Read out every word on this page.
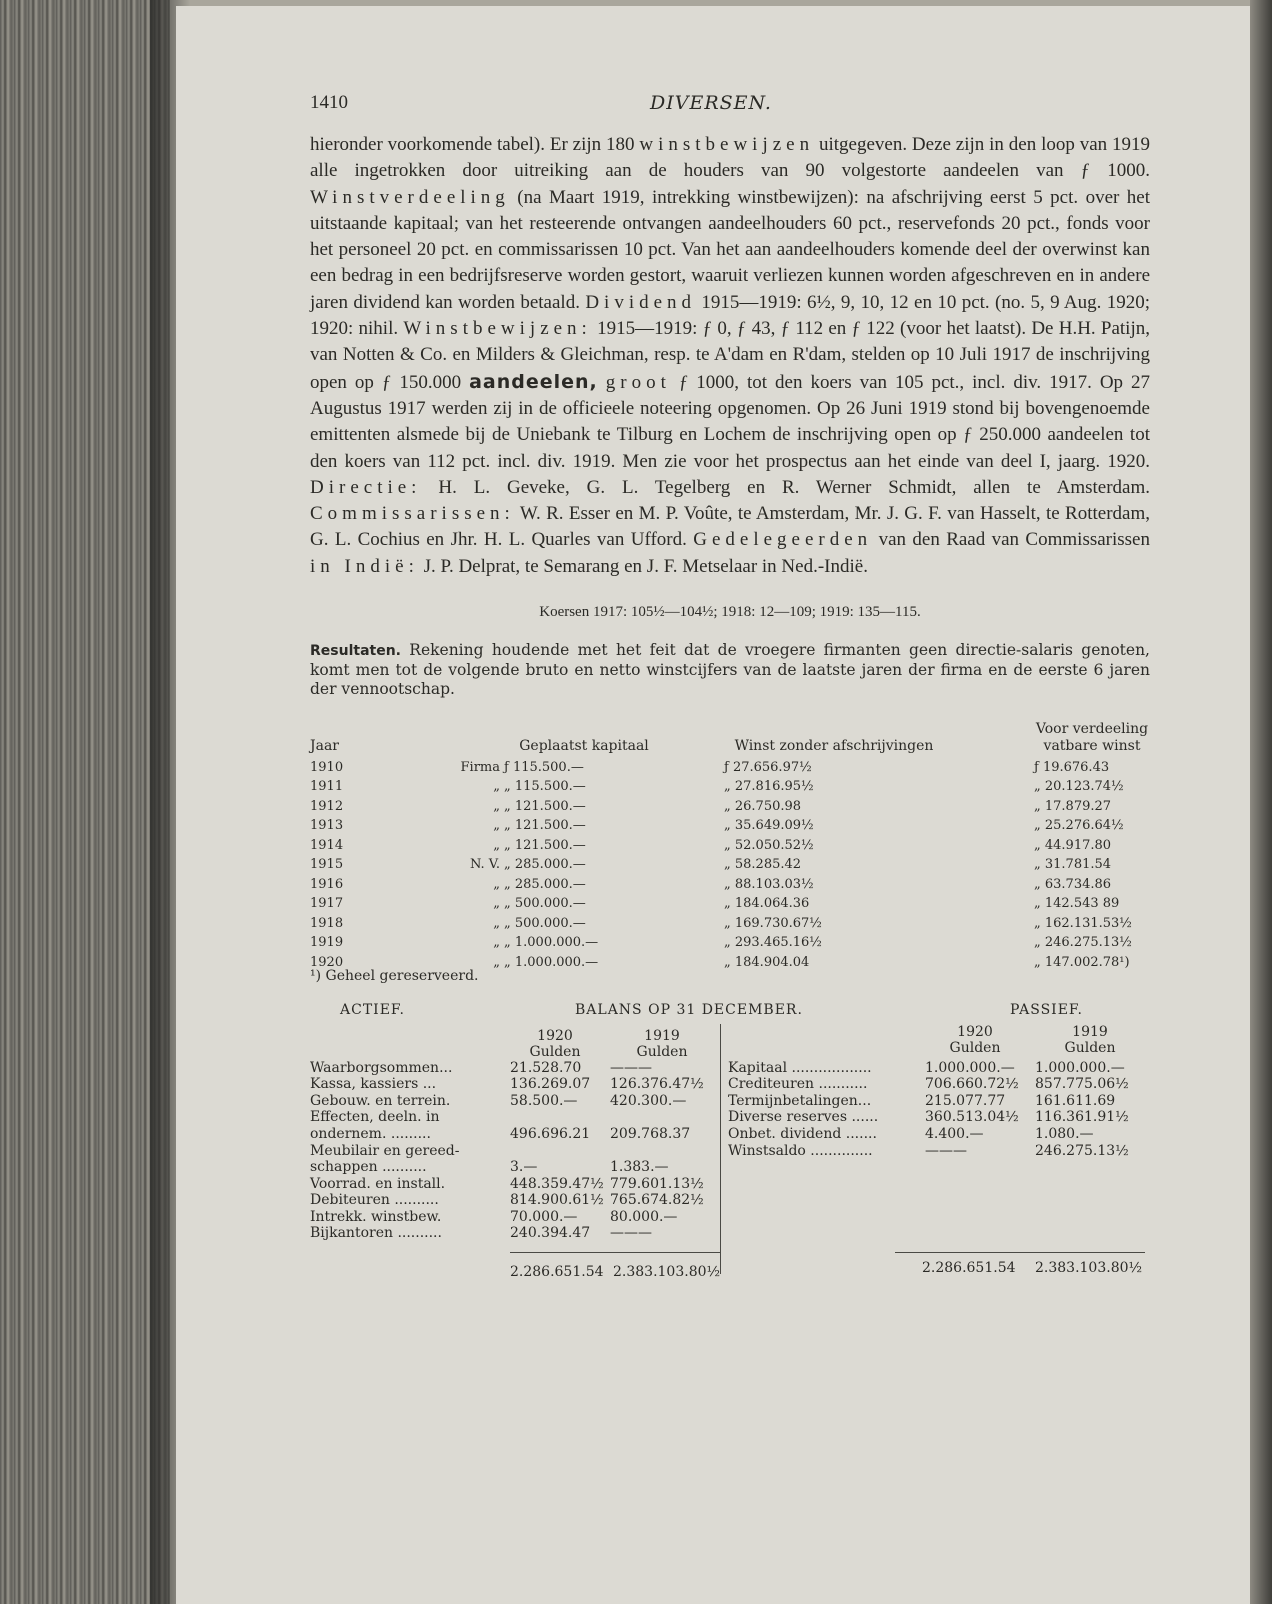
1410	DIVERSEN.

hieronder voorkomende tabel). Er zijn 180 winstbewijzen uitgegeven. Deze zijn in den loop van 1919 alle ingetrokken door uitreiking aan de houders van 90 volgestorte aandeelen van ƒ 1000. Winstverdeeling (na Maart 1919, intrekking winstbewijzen): na afschrijving eerst 5 pct. over het uitstaande kapitaal; van het resteerende ontvangen aandeelhouders 60 pct., reservefonds 20 pct., fonds voor het personeel 20 pct. en commissarissen 10 pct. Van het aan aandeelhouders komende deel der overwinst kan een bedrag in een bedrijfsreserve worden gestort, waaruit verliezen kunnen worden afgeschreven en in andere jaren dividend kan worden betaald. Dividend 1915—1919: 6½, 9, 10, 12 en 10 pct. (no. 5, 9 Aug. 1920; 1920: nihil. Winstbewijzen: 1915—1919: ƒ 0, ƒ 43, ƒ 112 en ƒ 122 (voor het laatst). De H.H. Patijn, van Notten & Co. en Milders & Gleichman, resp. te A'dam en R'dam, stelden op 10 Juli 1917 de inschrijving open op ƒ 150.000 aandeelen, groot ƒ 1000, tot den koers van 105 pct., incl. div. 1917. Op 27 Augustus 1917 werden zij in de officieele noteering opgenomen. Op 26 Juni 1919 stond bij bovengenoemde emittenten alsmede bij de Uniebank te Tilburg en Lochem de inschrijving open op ƒ 250.000 aandeelen tot den koers van 112 pct. incl. div. 1919. Men zie voor het prospectus aan het einde van deel I, jaarg. 1920. Directie: H. L. Geveke, G. L. Tegelberg en R. Werner Schmidt, allen te Amsterdam. Commissarissen: W. R. Esser en M. P. Voûte, te Amsterdam, Mr. J. G. F. van Hasselt, te Rotterdam, G. L. Cochius en Jhr. H. L. Quarles van Ufford. Gedelegeerden van den Raad van Commissarissen in Indië: J. P. Delprat, te Semarang en J. F. Metselaar in Ned.-Indië.

Koersen 1917: 105½—104½; 1918: 12—109; 1919: 135—115.

Resultaten. Rekening houdende met het feit dat de vroegere firmanten geen directie-salaris genoten, komt men tot de volgende bruto en netto winstcijfers van de laatste jaren der firma en de eerste 6 jaren der vennootschap.

Jaar		Geplaatst kapitaal	Winst zonder afschrijvingen	Voor verdeeling vatbare winst
1910	Firma	ƒ 115.500.—	ƒ 27.656.97½	ƒ 19.676.43
1911	„	„ 115.500.—	„ 27.816.95½	„ 20.123.74½
1912	„	„ 121.500.—	„ 26.750.98	„ 17.879.27
1913	„	„ 121.500.—	„ 35.649.09½	„ 25.276.64½
1914	„	„ 121.500.—	„ 52.050.52½	„ 44.917.80
1915	N. V.	„ 285.000.—	„ 58.285.42	„ 31.781.54
1916	„	„ 285.000.—	„ 88.103.03½	„ 63.734.86
1917	„	„ 500.000.—	„ 184.064.36	„ 142.543 89
1918	„	„ 500.000.—	„ 169.730.67½	„ 162.131.53½
1919	„	„ 1.000.000.—	„ 293.465.16½	„ 246.275.13½
1920	„	„ 1.000.000.—	„ 184.904.04	„ 147.002.78¹)
¹) Geheel gereserveerd.
ACTIEF.	BALANS OP 31 DECEMBER.	PASSIEF.
1920
Gulden
1919
Gulden
1920
Gulden
1919
Gulden
Waarborgsommen...	21.528.70	———
Kassa, kassiers ...	136.269.07	126.376.47½
Gebouw. en terrein.	58.500.—	420.300.—
Effecten, deeln. in
ondernem. .........	496.696.21	209.768.37
Meubilair en gereed-
schappen ..........	3.—	1.383.—
Voorrad. en install.	448.359.47½ 779.601.13½
Debiteuren ..........	814.900.61½ 765.674.82½
Intrekk. winstbew.	70.000.—	80.000.—
Bijkantoren ..........	240.394.47	———
Kapitaal ..................	1.000.000.—	1.000.000.—
Crediteuren ...........	706.660.72½ 857.775.06½
Termijnbetalingen...	215.077.77	161.611.69
Diverse reserves ......	360.513.04½ 116.361.91½
Onbet. dividend .......	4.400.—	1.080.—
Winstsaldo ..............	———	246.275.13½
2.286.651.54 2.383.103.80½	2.286.651.54 2.383.103.80½
